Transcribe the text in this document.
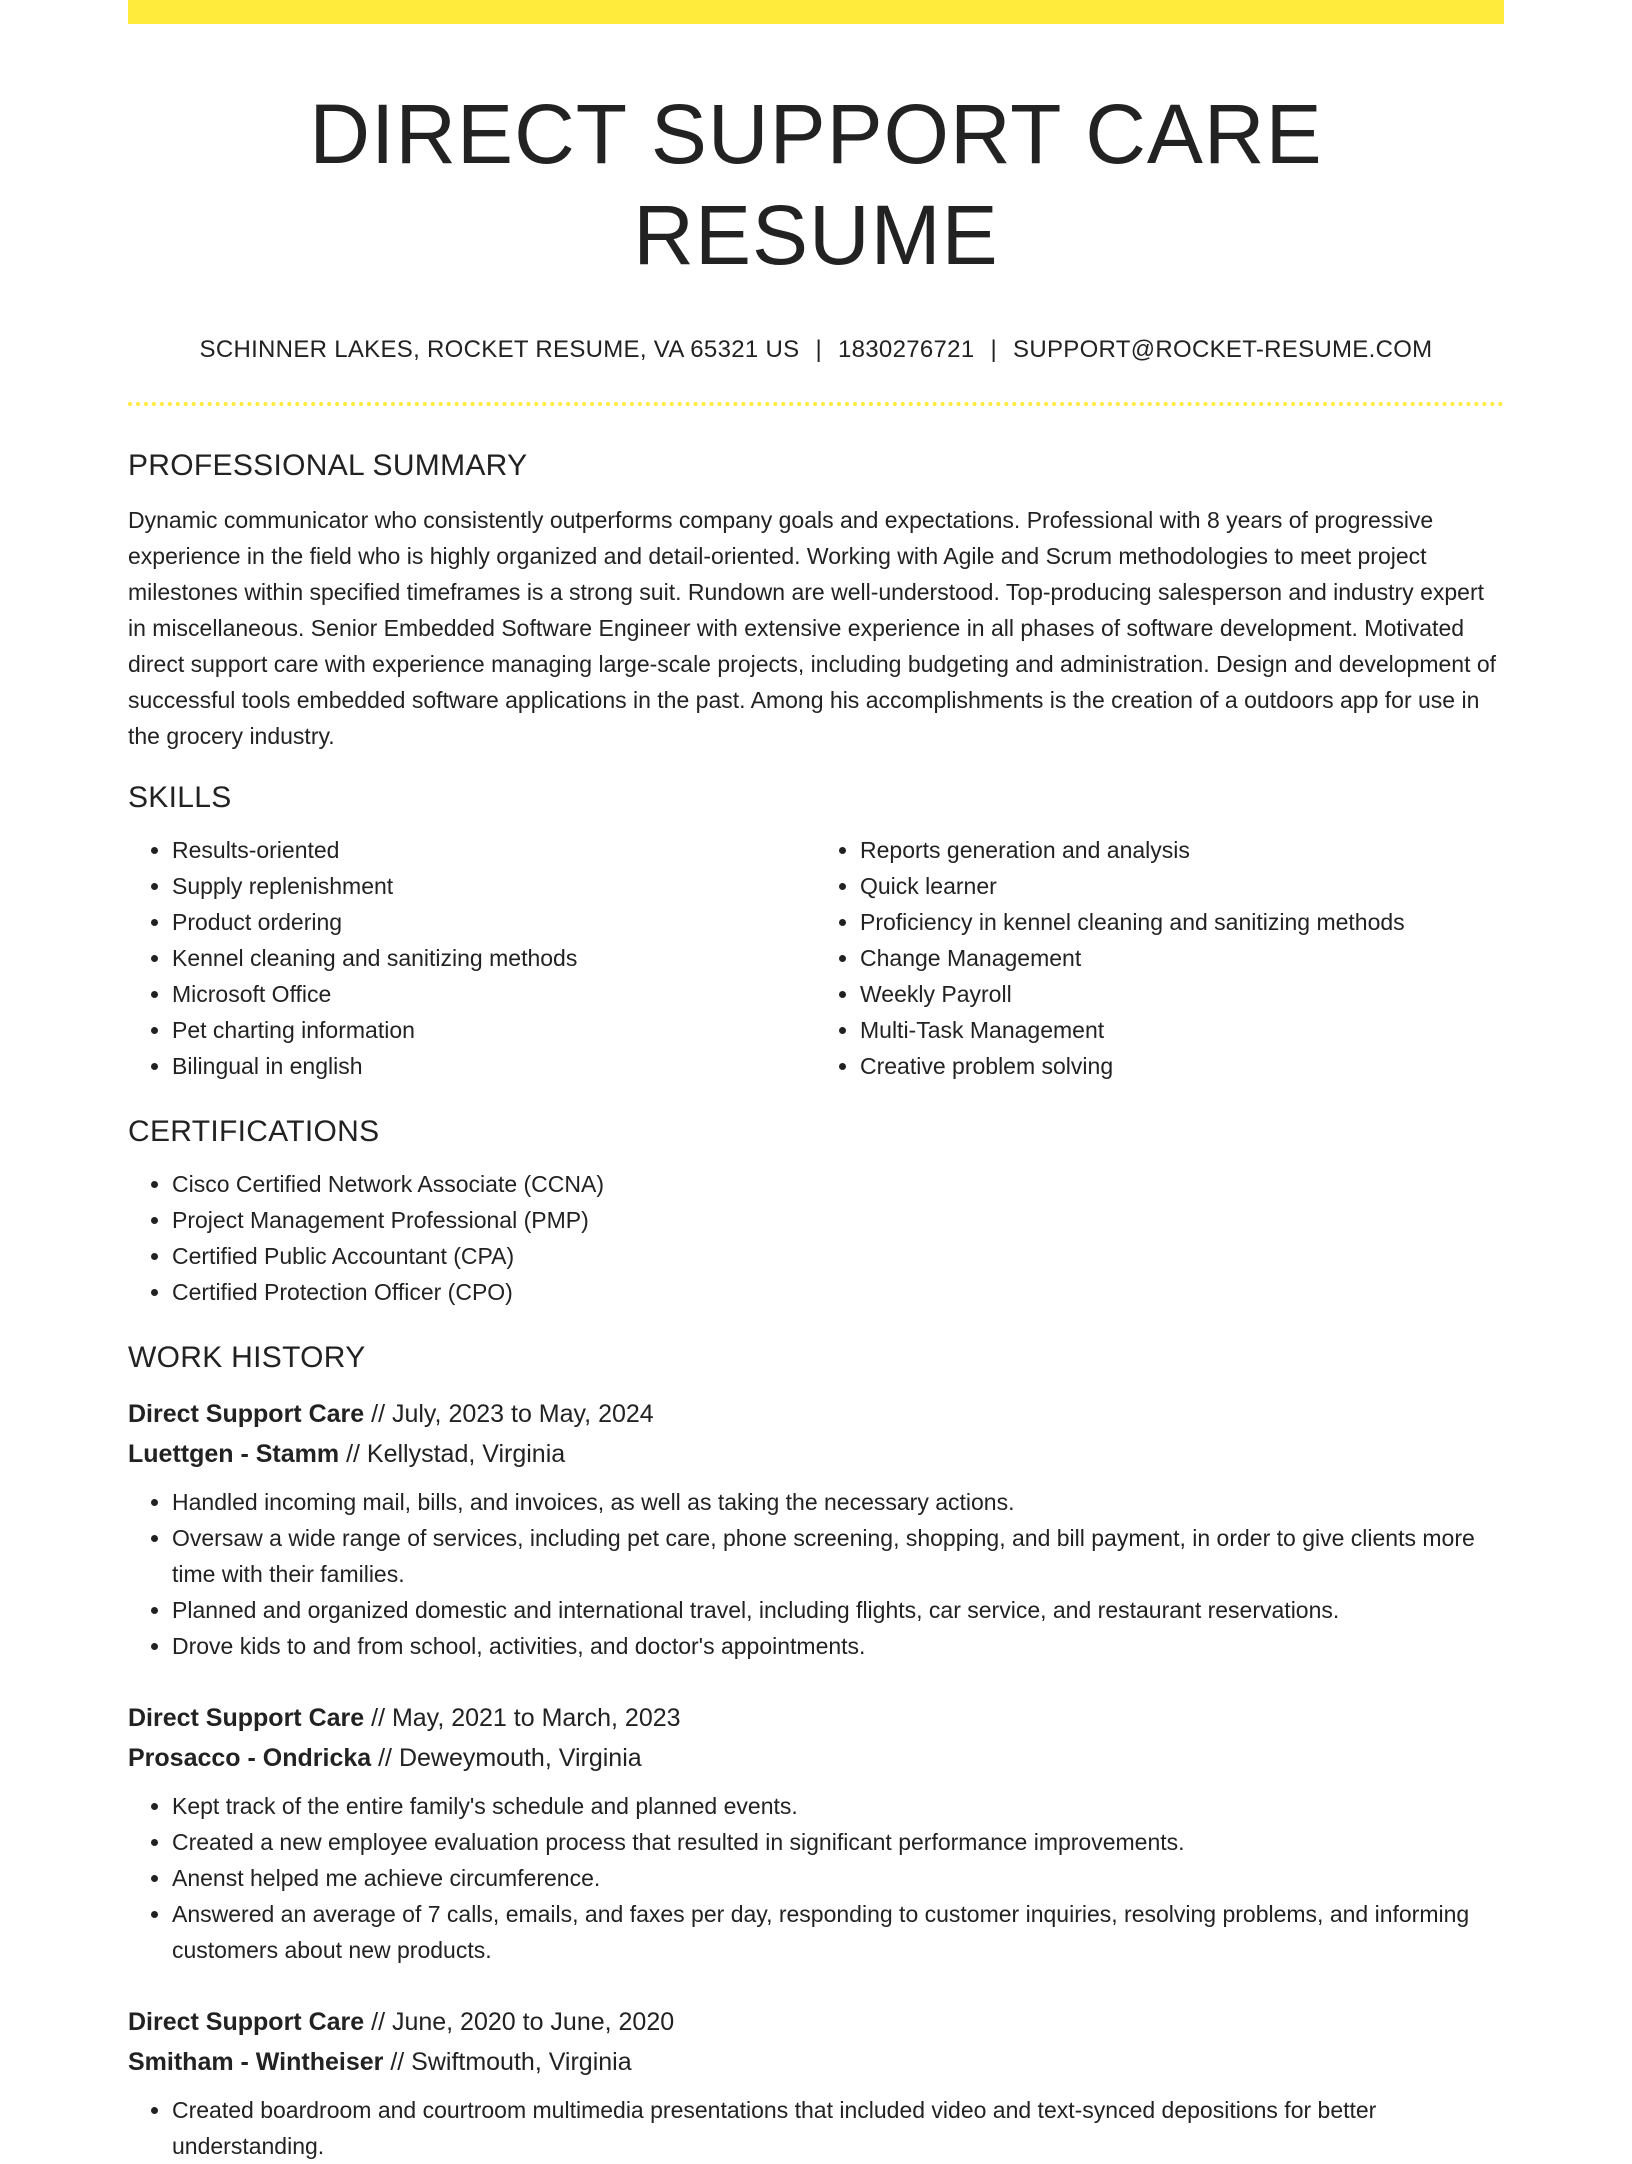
DIRECT SUPPORT CARE RESUME
SCHINNER LAKES, ROCKET RESUME, VA 65321 US | 1830276721 | SUPPORT@ROCKET-RESUME.COM
PROFESSIONAL SUMMARY

Dynamic communicator who consistently outperforms company goals and expectations. Professional with 8 years of progressive experience in the field who is highly organized and detail-oriented. Working with Agile and Scrum methodologies to meet project milestones within specified timeframes is a strong suit. Rundown are well-understood. Top-producing salesperson and industry expert in miscellaneous. Senior Embedded Software Engineer with extensive experience in all phases of software development. Motivated direct support care with experience managing large-scale projects, including budgeting and administration. Design and development of successful tools embedded software applications in the past. Among his accomplishments is the creation of a outdoors app for use in the grocery industry.

SKILLS
• Results-oriented
• Supply replenishment
• Product ordering
• Kennel cleaning and sanitizing methods
• Microsoft Office
• Pet charting information
• Bilingual in english
• Reports generation and analysis
• Quick learner
• Proficiency in kennel cleaning and sanitizing methods
• Change Management
• Weekly Payroll
• Multi-Task Management
• Creative problem solving
CERTIFICATIONS
• Cisco Certified Network Associate (CCNA)
• Project Management Professional (PMP)
• Certified Public Accountant (CPA)
• Certified Protection Officer (CPO)
WORK HISTORY
Direct Support Care // July, 2023 to May, 2024
Luettgen - Stamm // Kellystad, Virginia
• Handled incoming mail, bills, and invoices, as well as taking the necessary actions.
• Oversaw a wide range of services, including pet care, phone screening, shopping, and bill payment, in order to give clients more time with their families.
• Planned and organized domestic and international travel, including flights, car service, and restaurant reservations.
• Drove kids to and from school, activities, and doctor's appointments.
Direct Support Care // May, 2021 to March, 2023
Prosacco - Ondricka // Deweymouth, Virginia
• Kept track of the entire family's schedule and planned events.
• Created a new employee evaluation process that resulted in significant performance improvements.
• Anenst helped me achieve circumference.
• Answered an average of 7 calls, emails, and faxes per day, responding to customer inquiries, resolving problems, and informing customers about new products.
Direct Support Care // June, 2020 to June, 2020
Smitham - Wintheiser // Swiftmouth, Virginia
• Created boardroom and courtroom multimedia presentations that included video and text-synced depositions for better understanding.
